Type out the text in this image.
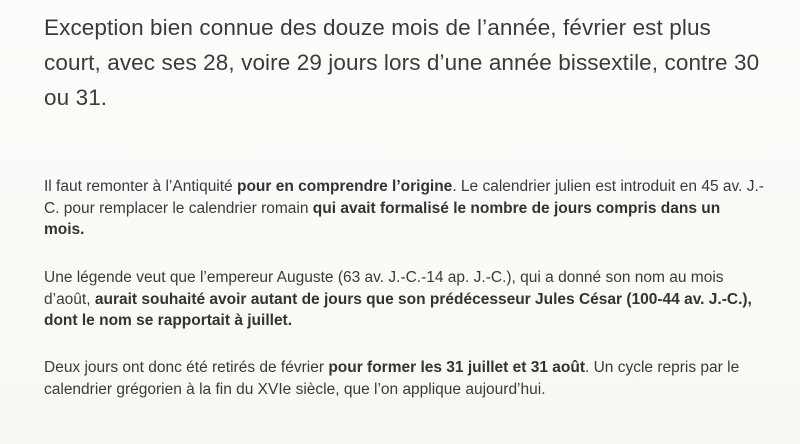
Exception bien connue des douze mois de l’année, février est plus court, avec ses 28, voire 29 jours lors d’une année bissextile, contre 30 ou 31.
Il faut remonter à l’Antiquité pour en comprendre l’origine. Le calendrier julien est introduit en 45 av. J.-C. pour remplacer le calendrier romain qui avait formalisé le nombre de jours compris dans un mois.
Une légende veut que l’empereur Auguste (63 av. J.-C.-14 ap. J.-C.), qui a donné son nom au mois d’août, aurait souhaité avoir autant de jours que son prédécesseur Jules César (100-44 av. J.-C.), dont le nom se rapportait à juillet.
Deux jours ont donc été retirés de février pour former les 31 juillet et 31 août. Un cycle repris par le calendrier grégorien à la fin du XVIe siècle, que l’on applique aujourd’hui.
